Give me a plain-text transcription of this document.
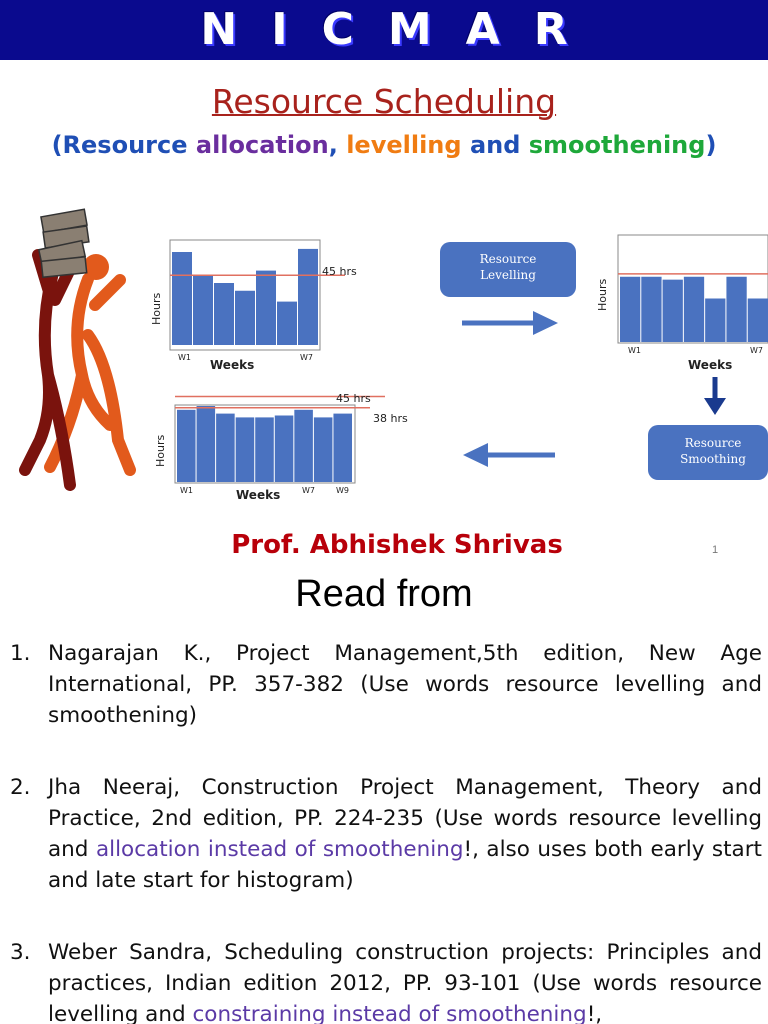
NICMAR
Resource Scheduling
(Resource allocation, levelling and smoothening)
45 hrs
Hours
W1	W7
Weeks
Resource
Levelling
Hours
W1	W7
Weeks
Resource
Smoothing
45 hrs
38 hrs
Hours
W1	W7	W9
Weeks
Prof. Abhishek Shrivas	1
Read from
1. Nagarajan K., Project Management,5th edition, New Age International, PP. 357-382 (Use words resource levelling and smoothening)
2. Jha Neeraj, Construction Project Management, Theory and Practice, 2nd edition, PP. 224-235 (Use words resource levelling and allocation instead of smoothening!, also uses both early start and late start for histogram)
3. Weber Sandra, Scheduling construction projects: Principles and practices, Indian edition 2012, PP. 93-101 (Use words resource levelling and constraining instead of smoothening!,
